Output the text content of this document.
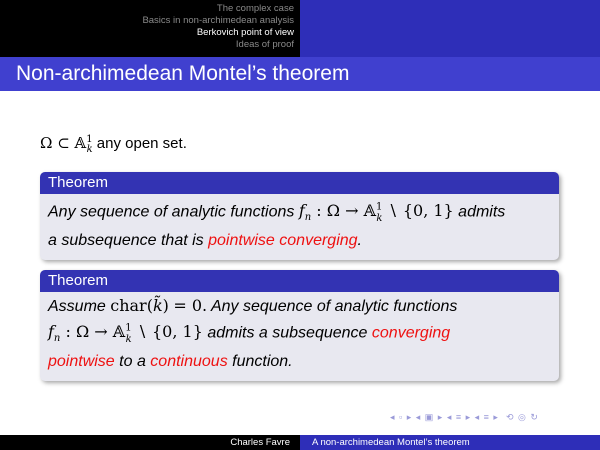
The complex case
Basics in non-archimedean analysis
Berkovich point of view
Ideas of proof
Non-archimedean Montel’s theorem
Ω ⊂ 𝔸$^1_k$ any open set.
Theorem
Any sequence of analytic functions $f_n$ : Ω → 𝔸$^1_k$ ∖ {0, 1} admits
a subsequence that is pointwise converging.
Theorem
Assume char(k̃) = 0. Any sequence of analytic functions
$f_n$ : Ω → 𝔸$^1_k$ ∖ {0, 1} admits a subsequence converging
pointwise to a continuous function.
◂ ▫ ▸ ◂ ▣ ▸ ◂ ≡ ▸ ◂ ≡ ▸  ⟲ ◎ ↻
Charles Favre	A non-archimedean Montel’s theorem
